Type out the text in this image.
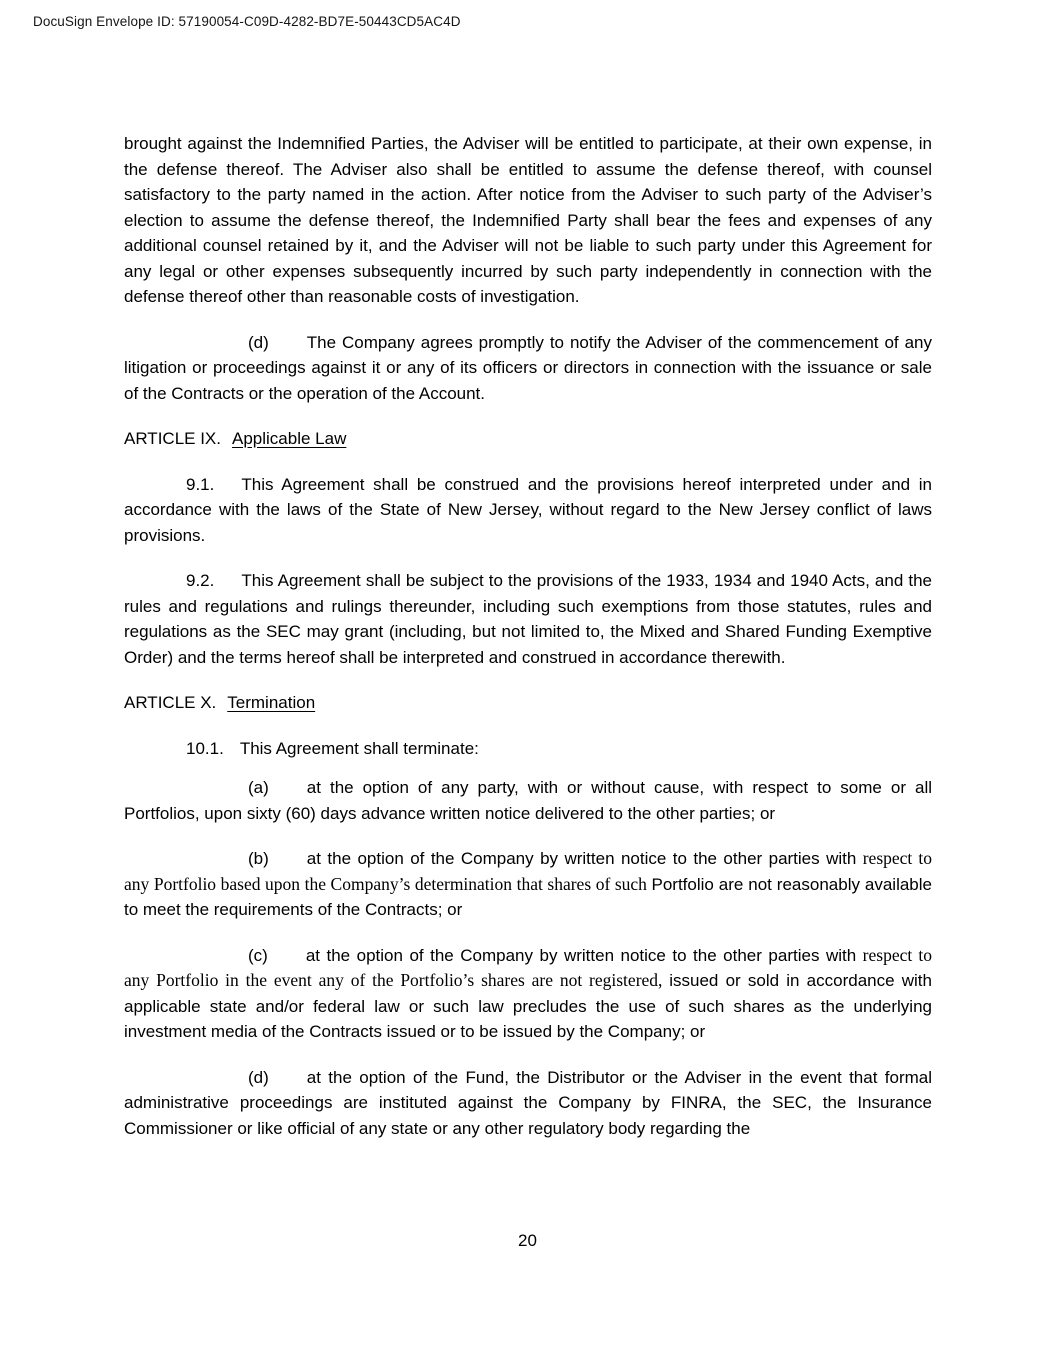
DocuSign Envelope ID: 57190054-C09D-4282-BD7E-50443CD5AC4D

brought against the Indemnified Parties, the Adviser will be entitled to participate, at their own expense, in the defense thereof. The Adviser also shall be entitled to assume the defense thereof, with counsel satisfactory to the party named in the action. After notice from the Adviser to such party of the Adviser’s election to assume the defense thereof, the Indemnified Party shall bear the fees and expenses of any additional counsel retained by it, and the Adviser will not be liable to such party under this Agreement for any legal or other expenses subsequently incurred by such party independently in connection with the defense thereof other than reasonable costs of investigation.

(d) The Company agrees promptly to notify the Adviser of the commencement of any litigation or proceedings against it or any of its officers or directors in connection with the issuance or sale of the Contracts or the operation of the Account.

ARTICLE IX. Applicable Law

9.1. This Agreement shall be construed and the provisions hereof interpreted under and in accordance with the laws of the State of New Jersey, without regard to the New Jersey conflict of laws provisions.

9.2. This Agreement shall be subject to the provisions of the 1933, 1934 and 1940 Acts, and the rules and regulations and rulings thereunder, including such exemptions from those statutes, rules and regulations as the SEC may grant (including, but not limited to, the Mixed and Shared Funding Exemptive Order) and the terms hereof shall be interpreted and construed in accordance therewith.

ARTICLE X. Termination

10.1. This Agreement shall terminate:

(a) at the option of any party, with or without cause, with respect to some or all Portfolios, upon sixty (60) days advance written notice delivered to the other parties; or

(b) at the option of the Company by written notice to the other parties with respect to any Portfolio based upon the Company’s determination that shares of such Portfolio are not reasonably available to meet the requirements of the Contracts; or

(c) at the option of the Company by written notice to the other parties with respect to any Portfolio in the event any of the Portfolio’s shares are not registered, issued or sold in accordance with applicable state and/or federal law or such law precludes the use of such shares as the underlying investment media of the Contracts issued or to be issued by the Company; or

(d) at the option of the Fund, the Distributor or the Adviser in the event that formal administrative proceedings are instituted against the Company by FINRA, the SEC, the Insurance Commissioner or like official of any state or any other regulatory body regarding the

20
